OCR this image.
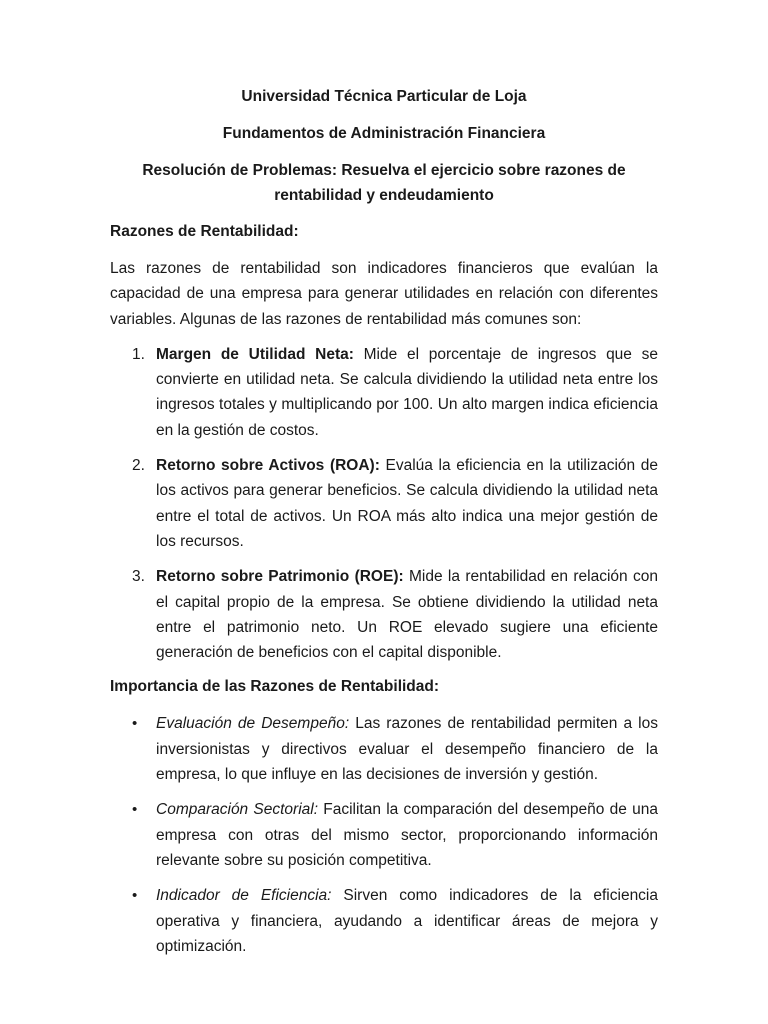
Universidad Técnica Particular de Loja

Fundamentos de Administración Financiera

Resolución de Problemas: Resuelva el ejercicio sobre razones de
rentabilidad y endeudamiento

Razones de Rentabilidad:

Las razones de rentabilidad son indicadores financieros que evalúan la capacidad de una empresa para generar utilidades en relación con diferentes variables. Algunas de las razones de rentabilidad más comunes son:

1. Margen de Utilidad Neta: Mide el porcentaje de ingresos que se convierte en utilidad neta. Se calcula dividiendo la utilidad neta entre los ingresos totales y multiplicando por 100. Un alto margen indica eficiencia en la gestión de costos.
2. Retorno sobre Activos (ROA): Evalúa la eficiencia en la utilización de los activos para generar beneficios. Se calcula dividiendo la utilidad neta entre el total de activos. Un ROA más alto indica una mejor gestión de los recursos.
3. Retorno sobre Patrimonio (ROE): Mide la rentabilidad en relación con el capital propio de la empresa. Se obtiene dividiendo la utilidad neta entre el patrimonio neto. Un ROE elevado sugiere una eficiente generación de beneficios con el capital disponible.

Importancia de las Razones de Rentabilidad:

• Evaluación de Desempeño: Las razones de rentabilidad permiten a los inversionistas y directivos evaluar el desempeño financiero de la empresa, lo que influye en las decisiones de inversión y gestión.
• Comparación Sectorial: Facilitan la comparación del desempeño de una empresa con otras del mismo sector, proporcionando información relevante sobre su posición competitiva.
• Indicador de Eficiencia: Sirven como indicadores de la eficiencia operativa y financiera, ayudando a identificar áreas de mejora y optimización.
